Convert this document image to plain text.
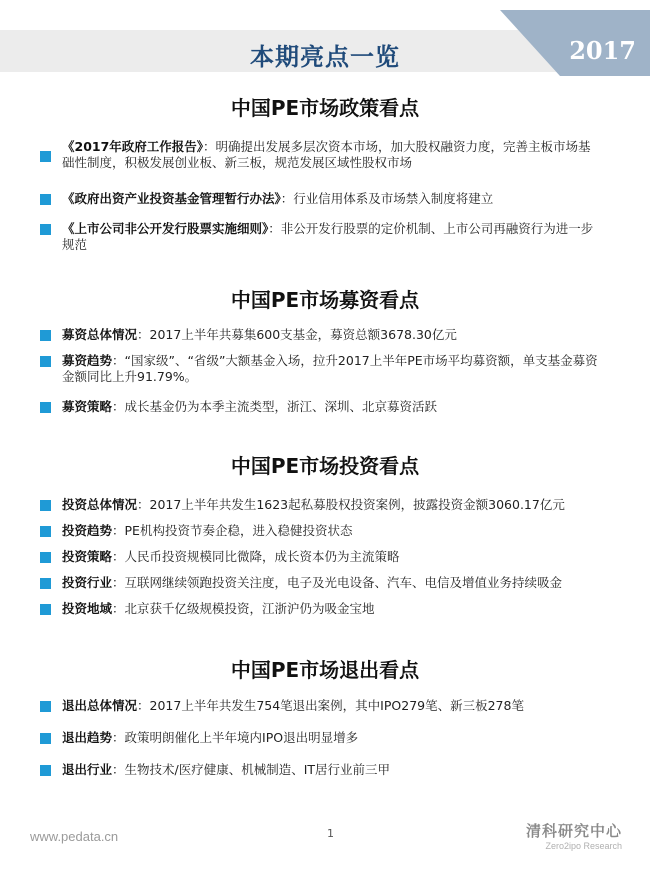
本期亮点一览	2017
中国PE市场政策看点
《2017年政府工作报告》：明确提出发展多层次资本市场，加大股权融资力度，完善主板市场基础性制度，积极发展创业板、新三板，规范发展区域性股权市场
《政府出资产业投资基金管理暂行办法》：行业信用体系及市场禁入制度将建立
《上市公司非公开发行股票实施细则》：非公开发行股票的定价机制、上市公司再融资行为进一步规范
中国PE市场募资看点
募资总体情况：2017上半年共募集600支基金，募资总额3678.30亿元
募资趋势：“国家级”、“省级”大额基金入场，拉升2017上半年PE市场平均募资额，单支基金募资金额同比上升91.79%。
募资策略：成长基金仍为本季主流类型，浙江、深圳、北京募资活跃
中国PE市场投资看点
投资总体情况：2017上半年共发生1623起私募股权投资案例，披露投资金额3060.17亿元
投资趋势：PE机构投资节奏企稳，进入稳健投资状态
投资策略：人民币投资规模同比微降，成长资本仍为主流策略
投资行业：互联网继续领跑投资关注度，电子及光电设备、汽车、电信及增值业务持续吸金
投资地域：北京获千亿级规模投资，江浙沪仍为吸金宝地
中国PE市场退出看点
退出总体情况：2017上半年共发生754笔退出案例，其中IPO279笔、新三板278笔
退出趋势：政策明朗催化上半年境内IPO退出明显增多
退出行业：生物技术/医疗健康、机械制造、IT居行业前三甲
www.pedata.cn	1	清科研究中心
Zero2ipo Research
